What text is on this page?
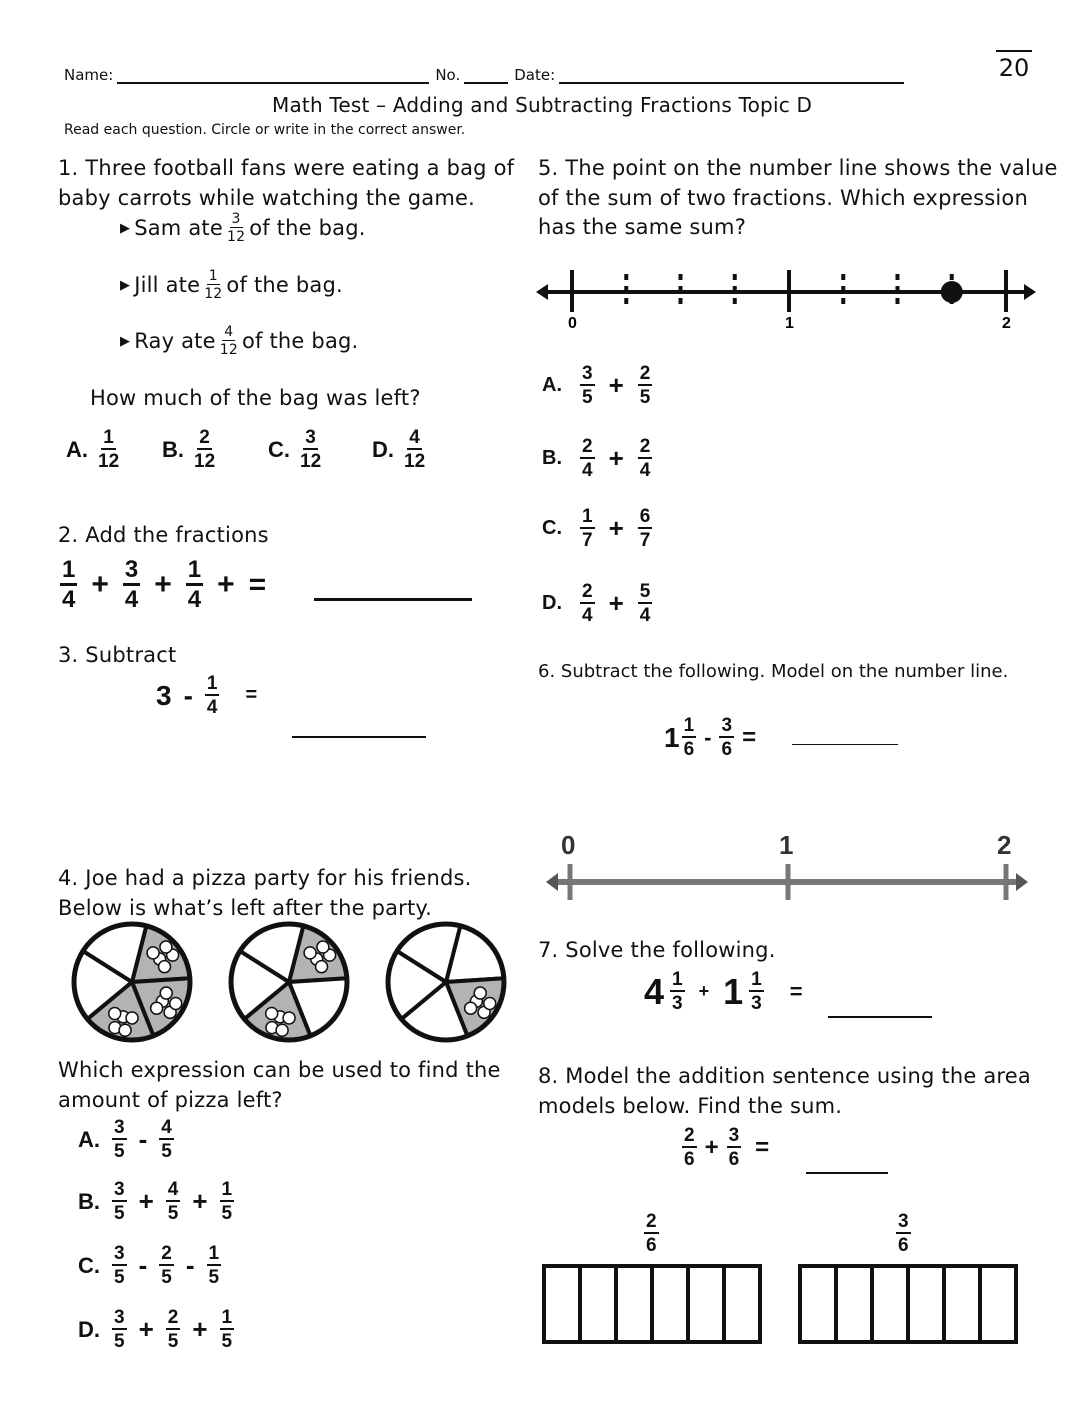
Name:	No.	Date:	20
Math Test – Adding and Subtracting Fractions Topic D
Read each question. Circle or write in the correct answer.
1. Three football fans were eating a bag of
baby carrots while watching the game.
▶ Sam ate $\frac{3}{12}$ of the bag.
▶ Jill ate $\frac{1}{12}$ of the bag.
▶ Ray ate $\frac{4}{12}$ of the bag.
How much of the bag was left?
A. $\frac{1}{12} B$. $\frac{2}{12} C$. $\frac{3}{12} D$. $\frac{4}{12}$
2. Add the fractions
$\frac{1}{4} + \frac{3}{4} + \frac{1}{4}$ + =
3. Subtract
$3 - \frac{1}{4}$ =
4. Joe had a pizza party for his friends.
Below is what’s left after the party.
Which expression can be used to find the
amount of pizza left?
A. $\frac{3}{5} - \frac{4}{5}$
B. $\frac{3}{5} + \frac{4}{5} + \frac{1}{5}$
C. $\frac{3}{5} - \frac{2}{5} - \frac{1}{5}$
D. $\frac{3}{5} + \frac{2}{5} + \frac{1}{5}$
5. The point on the number line shows the value
of the sum of two fractions. Which expression
has the same sum?
0	1	2
A. $\frac{3}{5} + \frac{2}{5}$
B. $\frac{2}{4} + \frac{2}{4}$
C. $\frac{1}{7} + \frac{6}{7}$
D. $\frac{2}{4} + \frac{5}{4}$
6. Subtract the following. Model on the number line.
$1 \frac{1}{6} - \frac{3}{6}$ =
0	1	2
7. Solve the following.
$4 \frac{1}{3} + 1 \frac{1}{3}$ =
8. Model the addition sentence using the area
models below. Find the sum.
$\frac{2}{6} + \frac{3}{6}$ =
$\frac{2}{6}$	$\frac{3}{6}$
